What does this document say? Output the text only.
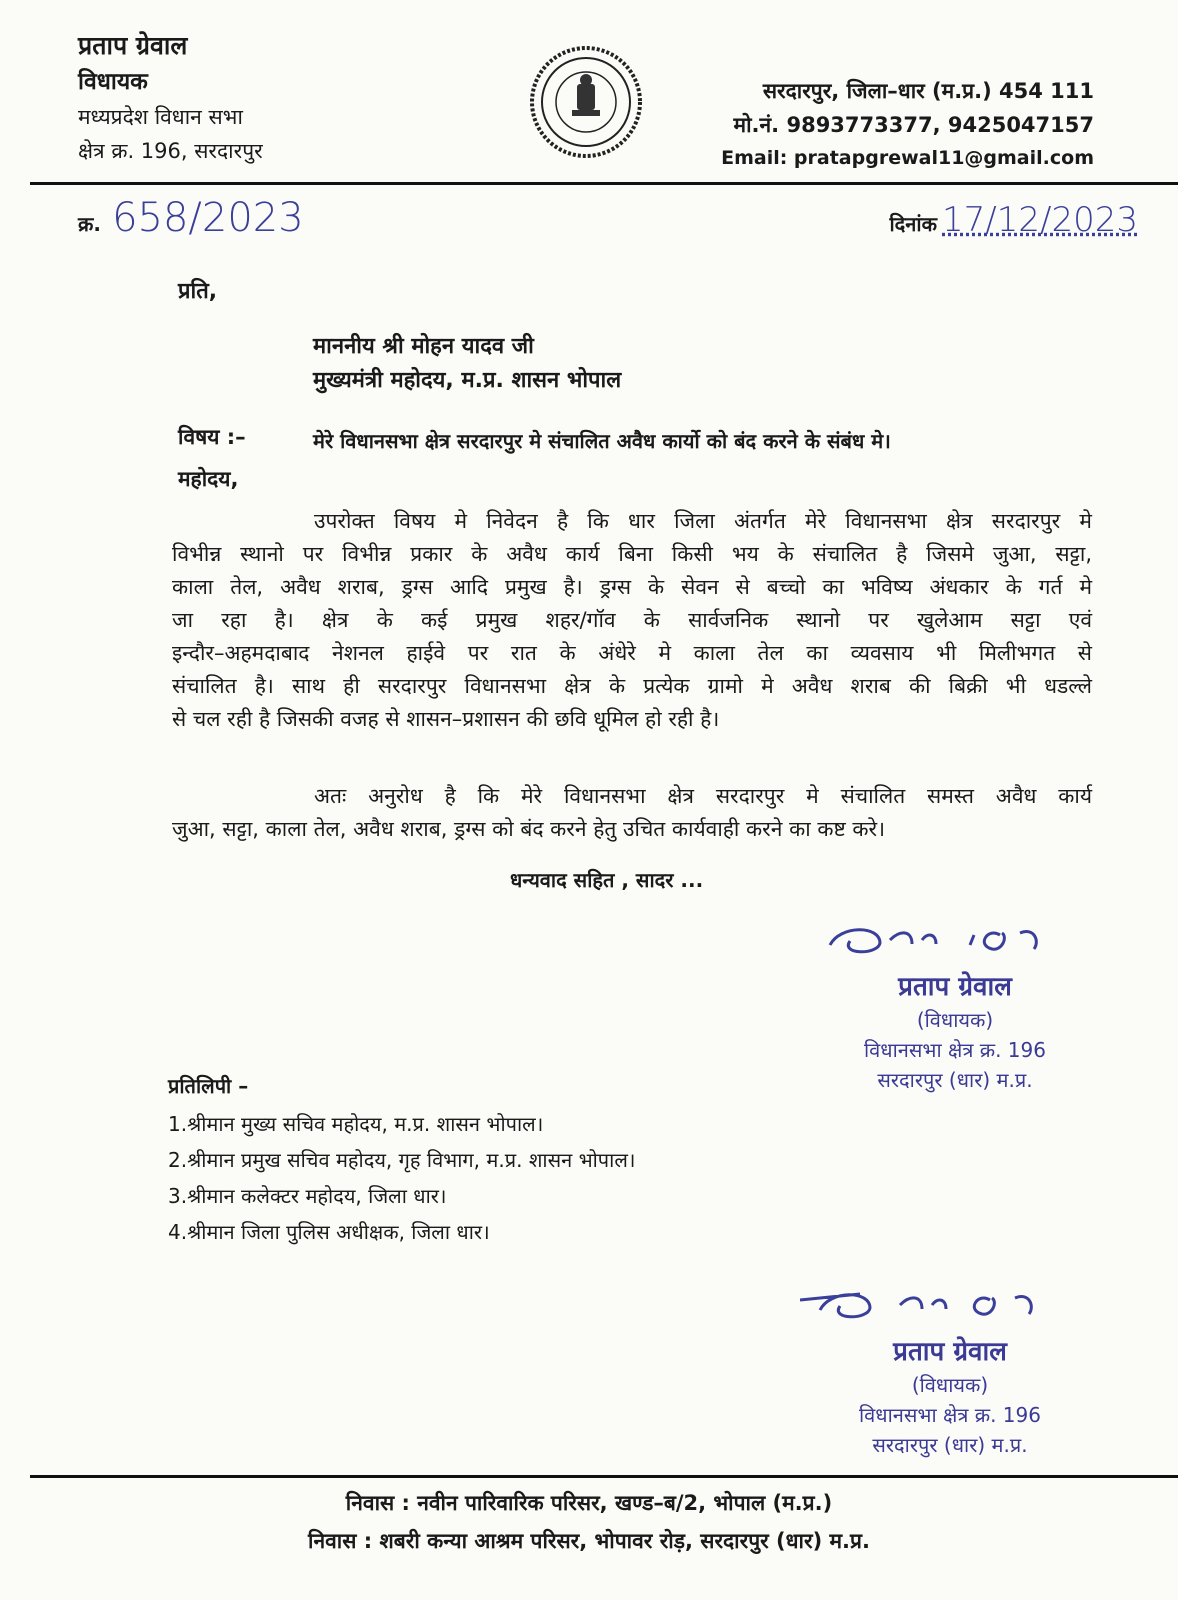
प्रताप ग्रेवाल
विधायक
मध्यप्रदेश विधान सभा
क्षेत्र क्र. 196, सरदारपुर
सरदारपुर, जिला–धार (म.प्र.) 454 111
मो.नं. 9893773377, 9425047157
Email: pratapgrewal11@gmail.com
क्र. 658/2023	दिनांक 17/12/2023
प्रति,
माननीय श्री मोहन यादव जी
मुख्यमंत्री महोदय, म.प्र. शासन भोपाल
विषय :–	मेरे विधानसभा क्षेत्र सरदारपुर मे संचालित अवैध कार्यो को बंद करने के संबंध मे।
महोदय,
उपरोक्त विषय मे निवेदन है कि धार जिला अंतर्गत मेरे विधानसभा क्षेत्र सरदारपुर मे
विभीन्न स्थानो पर विभीन्न प्रकार के अवैध कार्य बिना किसी भय के संचालित है जिसमे जुआ, सट्टा,
काला तेल, अवैध शराब, ड्रग्स आदि प्रमुख है। ड्रग्स के सेवन से बच्चो का भविष्य अंधकार के गर्त मे
जा रहा है। क्षेत्र के कई प्रमुख शहर/गॉव के सार्वजनिक स्थानो पर खुलेआम सट्टा एवं
इन्दौर–अहमदाबाद नेशनल हाईवे पर रात के अंधेरे मे काला तेल का व्यवसाय भी मिलीभगत से
संचालित है। साथ ही सरदारपुर विधानसभा क्षेत्र के प्रत्येक ग्रामो मे अवैध शराब की बिक्री भी धडल्ले
से चल रही है जिसकी वजह से शासन–प्रशासन की छवि धूमिल हो रही है।
अतः अनुरोध है कि मेरे विधानसभा क्षेत्र सरदारपुर मे संचालित समस्त अवैध कार्य
जुआ, सट्टा, काला तेल, अवैध शराब, ड्रग्स को बंद करने हेतु उचित कार्यवाही करने का कष्ट करे।
धन्यवाद सहित , सादर ...
प्रताप ग्रेवाल
(विधायक)
विधानसभा क्षेत्र क्र. 196
सरदारपुर (धार) म.प्र.
प्रतिलिपी –
1.श्रीमान मुख्य सचिव महोदय, म.प्र. शासन भोपाल।
2.श्रीमान प्रमुख सचिव महोदय, गृह विभाग, म.प्र. शासन भोपाल।
3.श्रीमान कलेक्टर महोदय, जिला धार।
4.श्रीमान जिला पुलिस अधीक्षक, जिला धार।
प्रताप ग्रेवाल
(विधायक)
विधानसभा क्षेत्र क्र. 196
सरदारपुर (धार) म.प्र.
निवास : नवीन पारिवारिक परिसर, खण्ड–ब/2, भोपाल (म.प्र.)
निवास : शबरी कन्या आश्रम परिसर, भोपावर रोड़, सरदारपुर (धार) म.प्र.
